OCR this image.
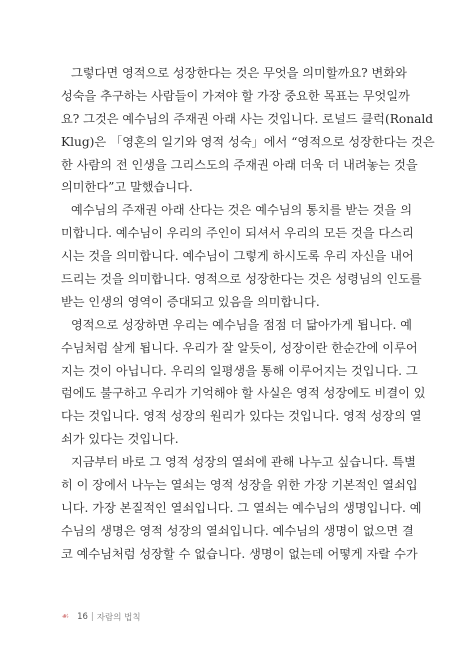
그렇다면 영적으로 성장한다는 것은 무엇을 의미할까요? 변화와
성숙을 추구하는 사람들이 가져야 할 가장 중요한 목표는 무엇일까
요? 그것은 예수님의 주재권 아래 사는 것입니다. 로널드 클럭(Ronald
Klug)은 「영혼의 일기와 영적 성숙」에서 “영적으로 성장한다는 것은
한 사람의 전 인생을 그리스도의 주재권 아래 더욱 더 내려놓는 것을
의미한다”고 말했습니다.
예수님의 주재권 아래 산다는 것은 예수님의 통치를 받는 것을 의
미합니다. 예수님이 우리의 주인이 되셔서 우리의 모든 것을 다스리
시는 것을 의미합니다. 예수님이 그렇게 하시도록 우리 자신을 내어
드리는 것을 의미합니다. 영적으로 성장한다는 것은 성령님의 인도를
받는 인생의 영역이 증대되고 있음을 의미합니다.
영적으로 성장하면 우리는 예수님을 점점 더 닮아가게 됩니다. 예
수님처럼 살게 됩니다. 우리가 잘 알듯이, 성장이란 한순간에 이루어
지는 것이 아닙니다. 우리의 일평생을 통해 이루어지는 것입니다. 그
럼에도 불구하고 우리가 기억해야 할 사실은 영적 성장에도 비결이 있
다는 것입니다. 영적 성장의 원리가 있다는 것입니다. 영적 성장의 열
쇠가 있다는 것입니다.
지금부터 바로 그 영적 성장의 열쇠에 관해 나누고 싶습니다. 특별
히 이 장에서 나누는 열쇠는 영적 성장을 위한 가장 기본적인 열쇠입
니다. 가장 본질적인 열쇠입니다. 그 열쇠는 예수님의 생명입니다. 예
수님의 생명은 영적 성장의 열쇠입니다. 예수님의 생명이 없으면 결
코 예수님처럼 성장할 수 없습니다. 생명이 없는데 어떻게 자랄 수가
☙ 16 | 자람의 법칙
